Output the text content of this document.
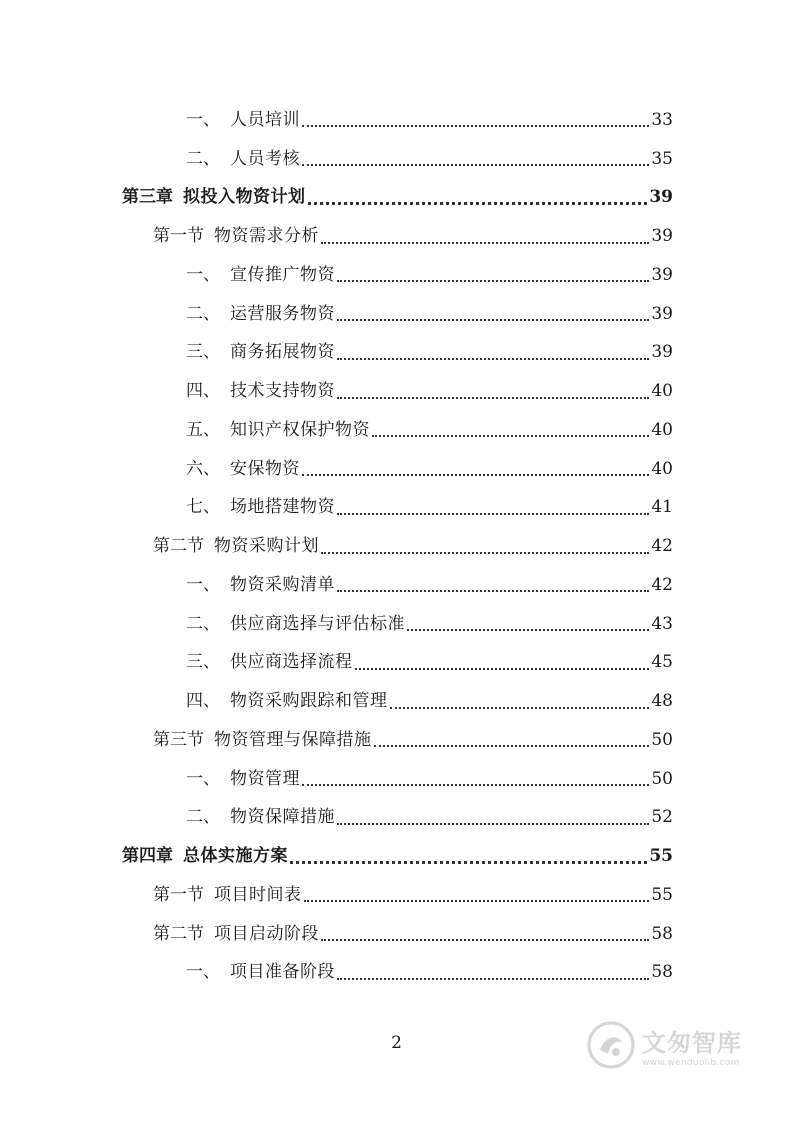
一、 人员培训	33
二、 人员考核	35
第三章 拟投入物资计划	39
第一节 物资需求分析	39
一、 宣传推广物资	39
二、 运营服务物资	39
三、 商务拓展物资	39
四、 技术支持物资	40
五、 知识产权保护物资	40
六、 安保物资	40
七、 场地搭建物资	41
第二节 物资采购计划	42
一、 物资采购清单	42
二、 供应商选择与评估标准	43
三、 供应商选择流程	45
四、 物资采购跟踪和管理	48
第三节 物资管理与保障措施	50
一、 物资管理	50
二、 物资保障措施	52
第四章 总体实施方案	55
第一节 项目时间表	55
第二节 项目启动阶段	58
一、 项目准备阶段	58
2	文匆智库
www.wenduolib.com
